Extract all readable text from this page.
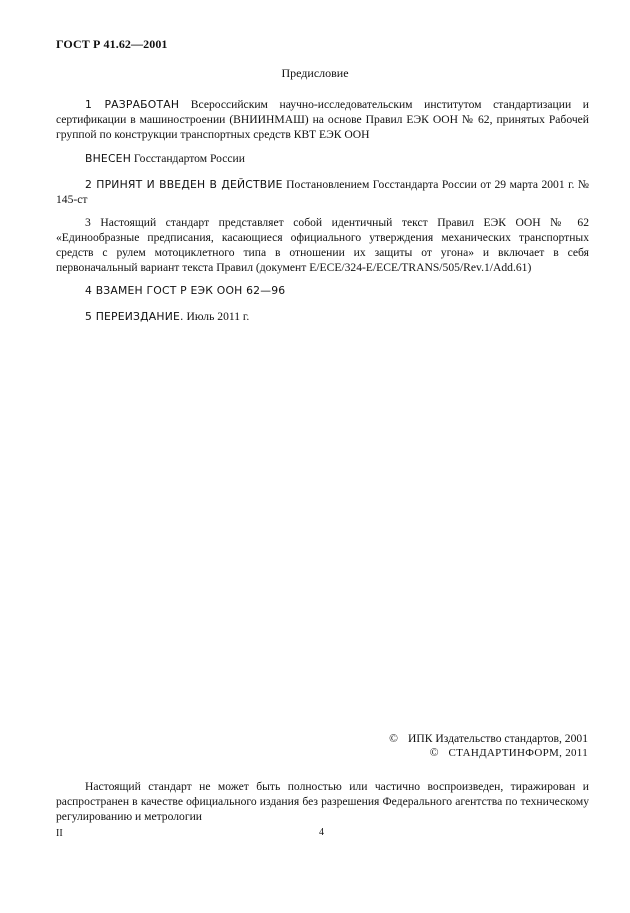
ГОСТ Р 41.62—2001
Предисловие

1 РАЗРАБОТАН Всероссийским научно-исследовательским институтом стандартизации и сертификации в машиностроении (ВНИИНМАШ) на основе Правил ЕЭК ООН № 62, принятых Рабочей группой по конструкции транспортных средств КВТ ЕЭК ООН

ВНЕСЕН Госстандартом России

2 ПРИНЯТ И ВВЕДЕН В ДЕЙСТВИЕ Постановлением Госстандарта России от 29 марта 2001 г. № 145-ст

3 Настоящий стандарт представляет собой идентичный текст Правил ЕЭК ООН № 62 «Единообразные предписания, касающиеся официального утверждения механических транспортных средств с рулем мотоциклетного типа в отношении их защиты от угона» и включает в себя первоначальный вариант текста Правил (документ E/ECE/324-E/ECE/TRANS/505/Rev.1/Add.61)

4 ВЗАМЕН ГОСТ Р ЕЭК ООН 62—96

5 ПЕРЕИЗДАНИЕ. Июль 2011 г.

© ИПК Издательство стандартов, 2001
© СТАНДАРТИНФОРМ, 2011

Настоящий стандарт не может быть полностью или частично воспроизведен, тиражирован и распространен в качестве официального издания без разрешения Федерального агентства по техническому регулированию и метрологии

II	4
